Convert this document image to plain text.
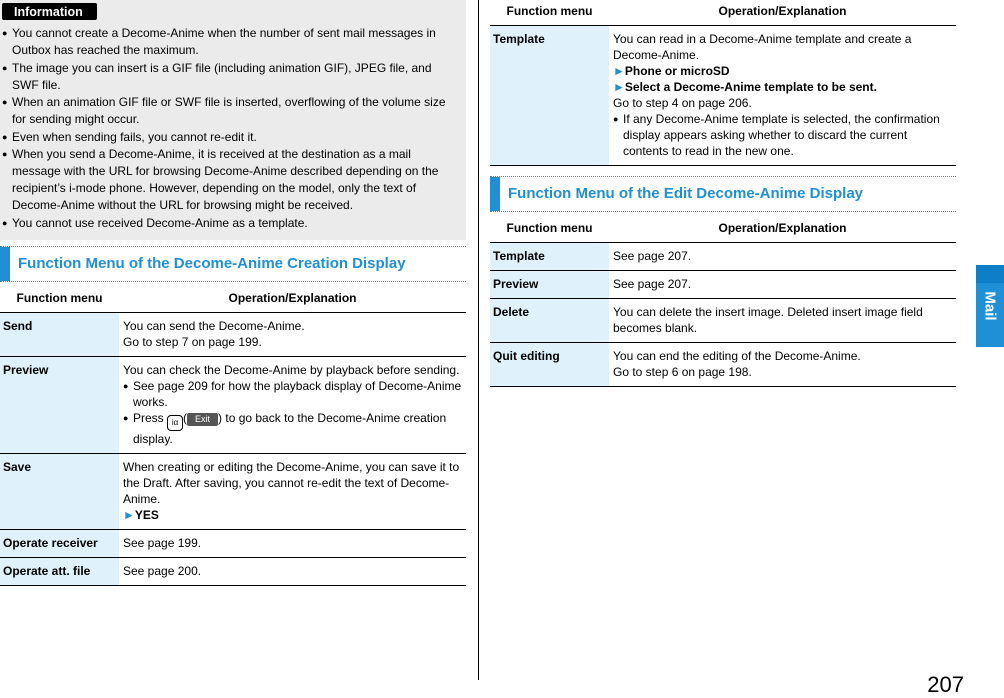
Information
● You cannot create a Decome-Anime when the number of sent mail messages in Outbox has reached the maximum.
● The image you can insert is a GIF file (including animation GIF), JPEG file, and SWF file.
● When an animation GIF file or SWF file is inserted, overflowing of the volume size for sending might occur.
● Even when sending fails, you cannot re-edit it.
● When you send a Decome-Anime, it is received at the destination as a mail message with the URL for browsing Decome-Anime described depending on the recipient’s i-mode phone. However, depending on the model, only the text of Decome-Anime without the URL for browsing might be received.
● You cannot use received Decome-Anime as a template.
Function Menu of the Decome-Anime Creation Display
Function menu	Operation/Explanation
Send	You can send the Decome-Anime.

Go to step 7 on page 199.

Preview	You can check the Decome-Anime by playback before sending.

● See page 209 for how the playback display of Decome-Anime works.

● Press iα ( Exit ) to go back to the Decome-Anime creation display.

Save	When creating or editing the Decome-Anime, you can save it to the Draft. After saving, you cannot re-edit the text of Decome-Anime.

►YES

Operate receiver	See page 199.
Operate att. file	See page 200.
Function menu	Operation/Explanation
Template	You can read in a Decome-Anime template and create a Decome-Anime.

►Phone or microSD

►Select a Decome-Anime template to be sent.

Go to step 4 on page 206.

● If any Decome-Anime template is selected, the confirmation display appears asking whether to discard the current contents to read in the new one.

Function Menu of the Edit Decome-Anime Display
Function menu	Operation/Explanation
Template	See page 207.
Preview	See page 207.
Delete	You can delete the insert image. Deleted insert image field becomes blank.
Quit editing	You can end the editing of the Decome-Anime.

Go to step 6 on page 198.

Mail
207
